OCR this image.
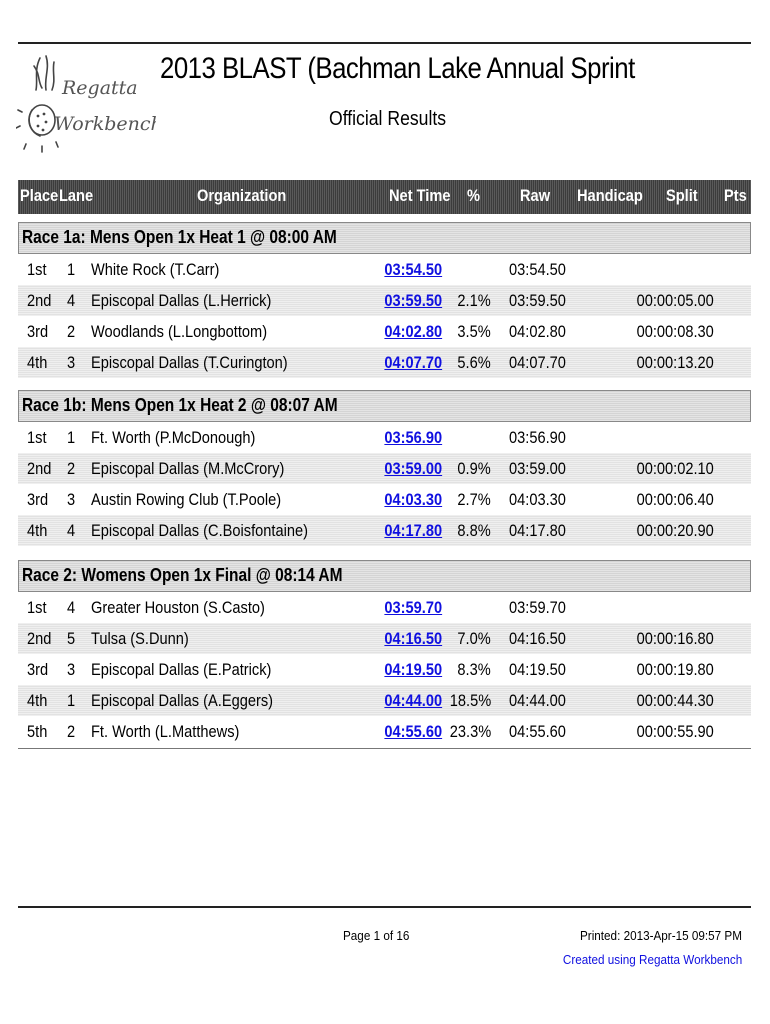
Regatta
Workbench
2013 BLAST (Bachman Lake Annual Sprint
Official Results
Place Lane	Organization	Net Time % Raw Handicap Split Pts
Race 1a: Mens Open 1x Heat 1 @ 08:00 AM
1st 1 White Rock (T.Carr)	03:54.50	03:54.50
2nd 4 Episcopal Dallas (L.Herrick)	03:59.50 2.1% 03:59.50	00:00:05.00
3rd 2 Woodlands (L.Longbottom)	04:02.80 3.5% 04:02.80	00:00:08.30
4th 3 Episcopal Dallas (T.Curington)	04:07.70 5.6% 04:07.70	00:00:13.20
Race 1b: Mens Open 1x Heat 2 @ 08:07 AM
1st 1 Ft. Worth (P.McDonough)	03:56.90	03:56.90
2nd 2 Episcopal Dallas (M.McCrory)	03:59.00 0.9% 03:59.00	00:00:02.10
3rd 3 Austin Rowing Club (T.Poole)	04:03.30 2.7% 04:03.30	00:00:06.40
4th 4 Episcopal Dallas (C.Boisfontaine)	04:17.80 8.8% 04:17.80	00:00:20.90
Race 2: Womens Open 1x Final @ 08:14 AM
1st 4 Greater Houston (S.Casto)	03:59.70	03:59.70
2nd 5 Tulsa (S.Dunn)	04:16.50 7.0% 04:16.50	00:00:16.80
3rd 3 Episcopal Dallas (E.Patrick)	04:19.50 8.3% 04:19.50	00:00:19.80
4th 1 Episcopal Dallas (A.Eggers)	04:44.00 18.5% 04:44.00	00:00:44.30
5th 2 Ft. Worth (L.Matthews)	04:55.60 23.3% 04:55.60	00:00:55.90
Page 1 of 16	Printed: 2013-Apr-15 09:57 PM
Created using Regatta Workbench
